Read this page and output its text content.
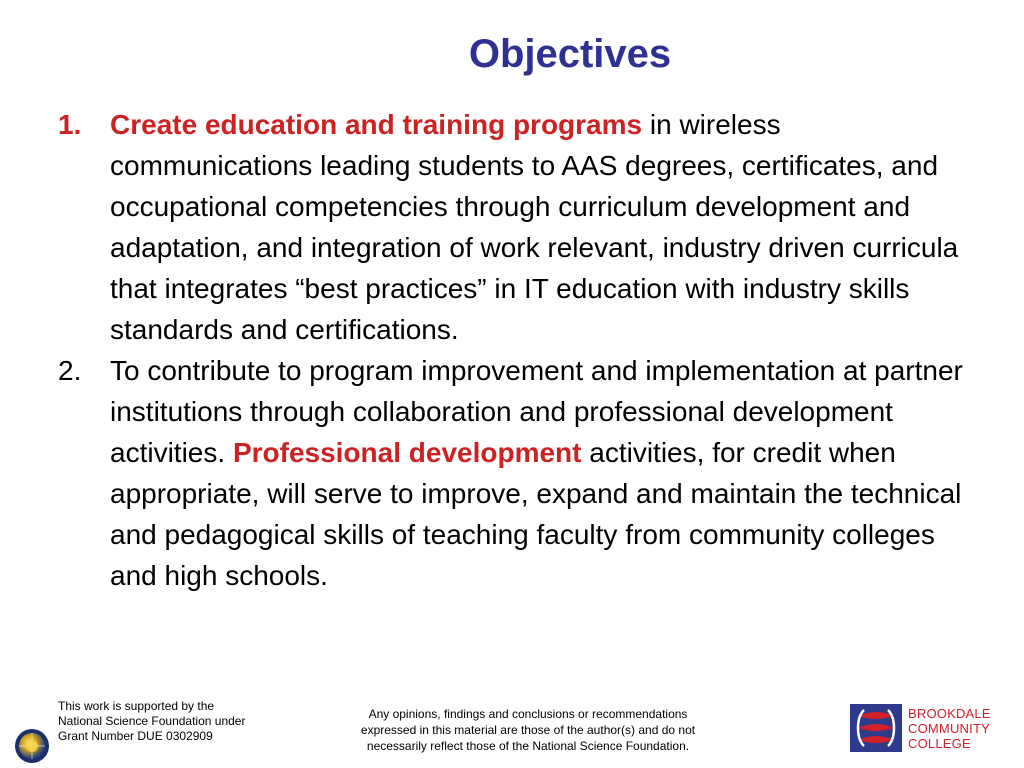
Objectives
1. Create education and training programs in wireless communications leading students to AAS degrees, certificates, and occupational competencies through curriculum development and adaptation, and integration of work relevant, industry driven curricula that integrates “best practices” in IT education with industry skills standards and certifications.
2. To contribute to program improvement and implementation at partner institutions through collaboration and professional development activities. Professional development activities, for credit when appropriate, will serve to improve, expand and maintain the technical and pedagogical skills of teaching faculty from community colleges and high schools.
This work is supported by the
National Science Foundation under
Grant Number DUE 0302909
Any opinions, findings and conclusions or recommendations
expressed in this material are those of the author(s) and do not
necessarily reflect those of the National Science Foundation.
BROOKDALE
COMMUNITY
COLLEGE
